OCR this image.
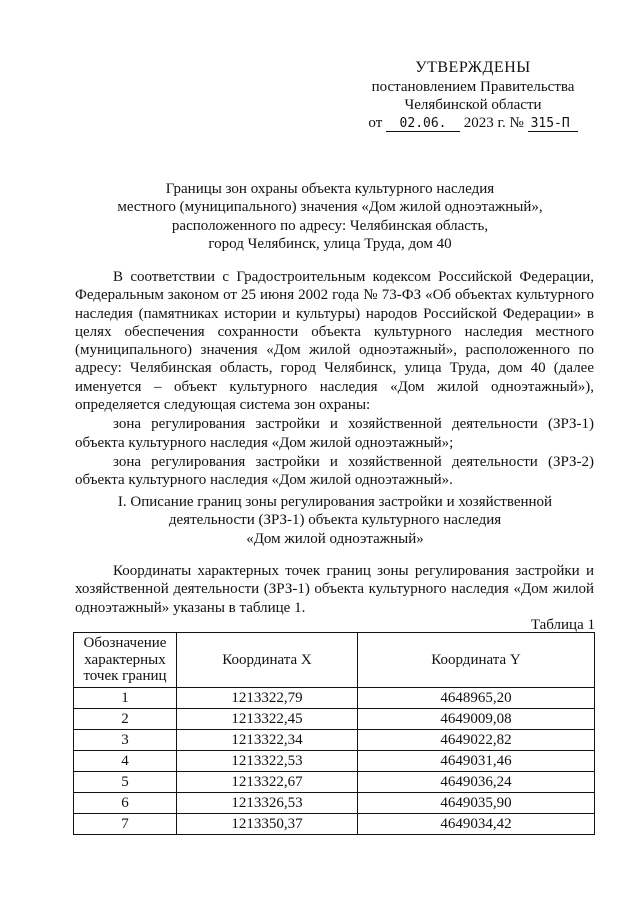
УТВЕРЖДЕНЫ
постановлением Правительства
Челябинской области
от 02.06. 2023 г. № 315-П
Границы зон охраны объекта культурного наследия
местного (муниципального) значения «Дом жилой одноэтажный»,
расположенного по адресу: Челябинская область,
город Челябинск, улица Труда, дом 40

В соответствии с Градостроительным кодексом Российской Федерации, Федеральным законом от 25 июня 2002 года № 73-ФЗ «Об объектах культурного наследия (памятниках истории и культуры) народов Российской Федерации» в целях обеспечения сохранности объекта культурного наследия местного (муниципального) значения «Дом жилой одноэтажный», расположенного по адресу: Челябинская область, город Челябинск, улица Труда, дом 40 (далее именуется – объект культурного наследия «Дом жилой одноэтажный»), определяется следующая система зон охраны:

зона регулирования застройки и хозяйственной деятельности (ЗРЗ-1) объекта культурного наследия «Дом жилой одноэтажный»;

зона регулирования застройки и хозяйственной деятельности (ЗРЗ-2) объекта культурного наследия «Дом жилой одноэтажный».

I. Описание границ зоны регулирования застройки и хозяйственной
деятельности (ЗРЗ-1) объекта культурного наследия
«Дом жилой одноэтажный»

Координаты характерных точек границ зоны регулирования застройки и хозяйственной деятельности (ЗРЗ-1) объекта культурного наследия «Дом жилой одноэтажный» указаны в таблице 1.

Таблица 1
Обозначение характерных точек границ	Координата X	Координата Y
1	1213322,79	4648965,20
2	1213322,45	4649009,08
3	1213322,34	4649022,82
4	1213322,53	4649031,46
5	1213322,67	4649036,24
6	1213326,53	4649035,90
7	1213350,37	4649034,42
